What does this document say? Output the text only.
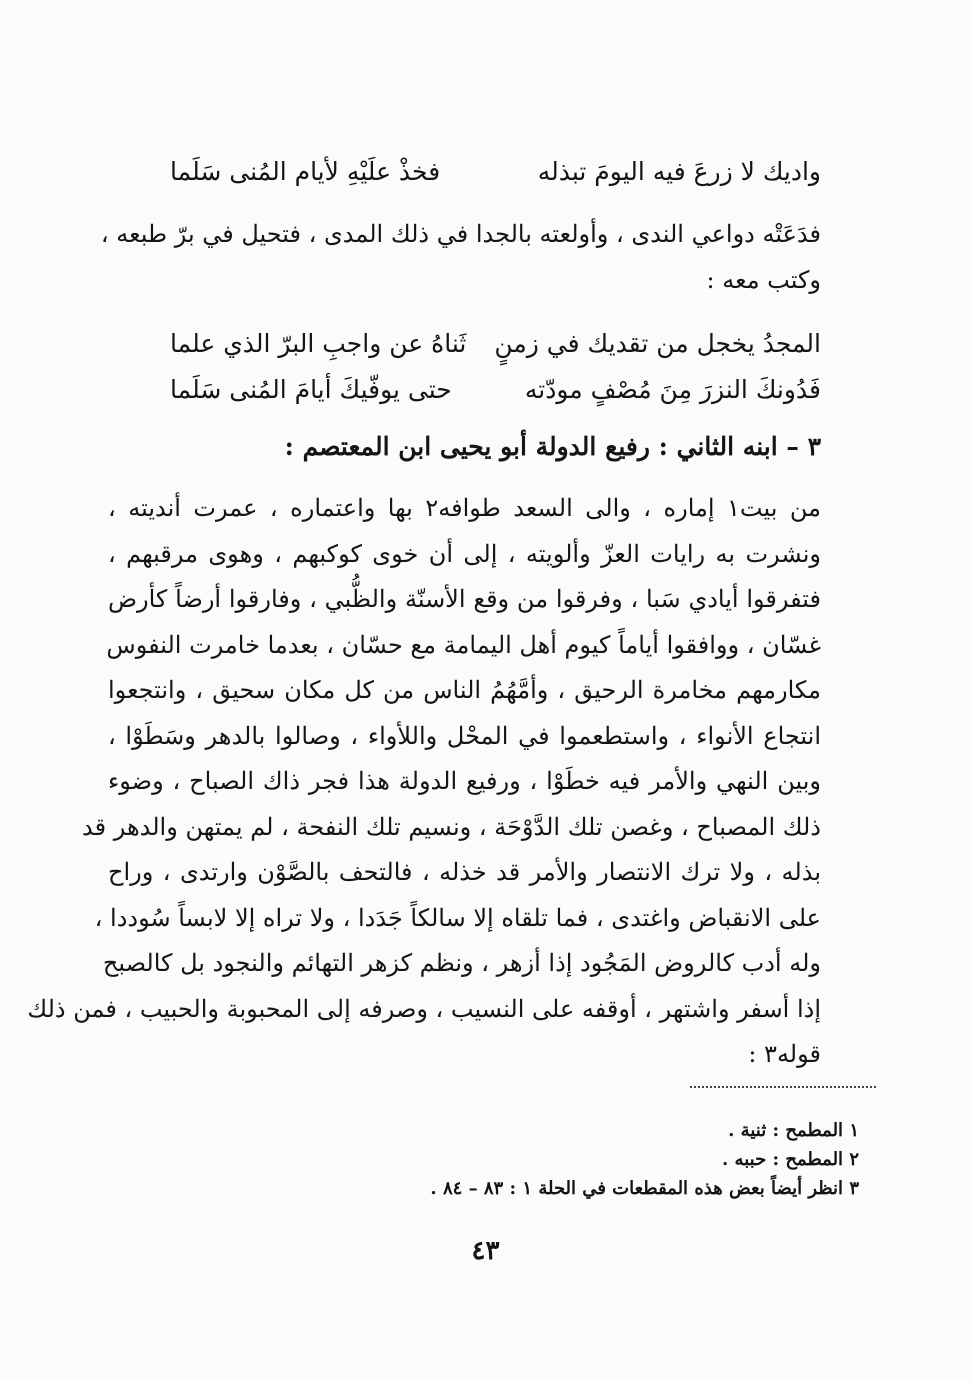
واديك لا زرعَ فيه اليومَ تبذله
فخذْ علَيْهِ لأيام المُنى سَلَما

فدَعَتْه دواعي الندى ، وأولعته بالجدا في ذلك المدى ، فتحيل في برّ طبعه ،
وكتب معه :

المجدُ يخجل من تقديك في زمنٍ
ثَناهُ عن واجبِ البرّ الذي علما
فَدُونكَ النزرَ مِنَ مُصْفٍ مودّته
حتى يوفّيكَ أيامَ المُنى سَلَما
٣ – ابنه الثاني : رفيع الدولة أبو يحيى ابن المعتصم :

من بيت١ إماره ، والى السعد طوافه٢ بها واعتماره ، عمرت أنديته ،
ونشرت به رايات العزّ وألويته ، إلى أن خوى كوكبهم ، وهوى مرقبهم ،
فتفرقوا أيادي سَبا ، وفرقوا من وقع الأسنّة والظُّبي ، وفارقوا أرضاً كأرض
غسّان ، ووافقوا أياماً كيوم أهل اليمامة مع حسّان ، بعدما خامرت النفوس
مكارمهم مخامرة الرحيق ، وأمَّهُمُ الناس من كل مكان سحيق ، وانتجعوا
انتجاع الأنواء ، واستطعموا في المحْل واللأواء ، وصالوا بالدهر وسَطَوْا ،
وبين النهي والأمر فيه خطَوْا ، ورفيع الدولة هذا فجر ذاك الصباح ، وضوء
ذلك المصباح ، وغصن تلك الدَّوْحَة ، ونسيم تلك النفحة ، لم يمتهن والدهر قد
بذله ، ولا ترك الانتصار والأمر قد خذله ، فالتحف بالصَّوْن وارتدى ، وراح
على الانقباض واغتدى ، فما تلقاه إلا سالكاً جَدَدا ، ولا تراه إلا لابساً سُوددا ،
وله أدب كالروض المَجُود إذا أزهر ، ونظم كزهر التهائم والنجود بل كالصبح
إذا أسفر واشتهر ، أوقفه على النسيب ، وصرفه إلى المحبوبة والحبيب ، فمن ذلك
قوله٣ :

١ المطمح : ثنية .
٢ المطمح : حببه .
٣ انظر أيضاً بعض هذه المقطعات في الحلة ١ : ٨٣ – ٨٤ .
٤٣
